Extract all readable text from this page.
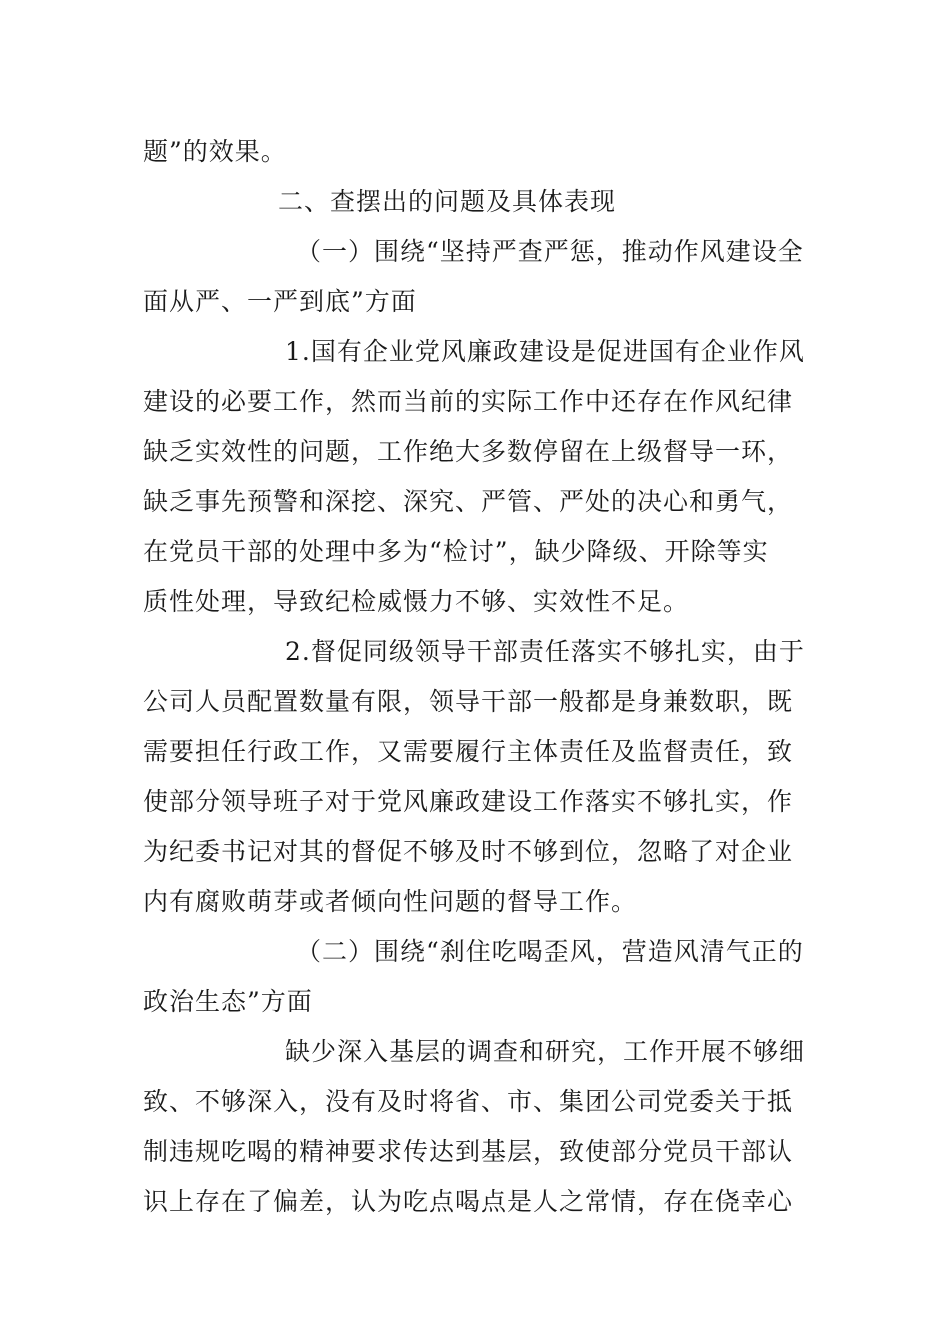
题”的效果。
二、查摆出的问题及具体表现
（一）围绕“坚持严查严惩，推动作风建设全
面从严、一严到底”方面
1.国有企业党风廉政建设是促进国有企业作风
建设的必要工作，然而当前的实际工作中还存在作风纪律
缺乏实效性的问题，工作绝大多数停留在上级督导一环，
缺乏事先预警和深挖、深究、严管、严处的决心和勇气，
在党员干部的处理中多为“检讨”，缺少降级、开除等实
质性处理，导致纪检威慑力不够、实效性不足。
2.督促同级领导干部责任落实不够扎实，由于
公司人员配置数量有限，领导干部一般都是身兼数职，既
需要担任行政工作，又需要履行主体责任及监督责任，致
使部分领导班子对于党风廉政建设工作落实不够扎实，作
为纪委书记对其的督促不够及时不够到位，忽略了对企业
内有腐败萌芽或者倾向性问题的督导工作。
（二）围绕“刹住吃喝歪风，营造风清气正的
政治生态”方面
缺少深入基层的调查和研究，工作开展不够细
致、不够深入，没有及时将省、市、集团公司党委关于抵
制违规吃喝的精神要求传达到基层，致使部分党员干部认
识上存在了偏差，认为吃点喝点是人之常情，存在侥幸心
